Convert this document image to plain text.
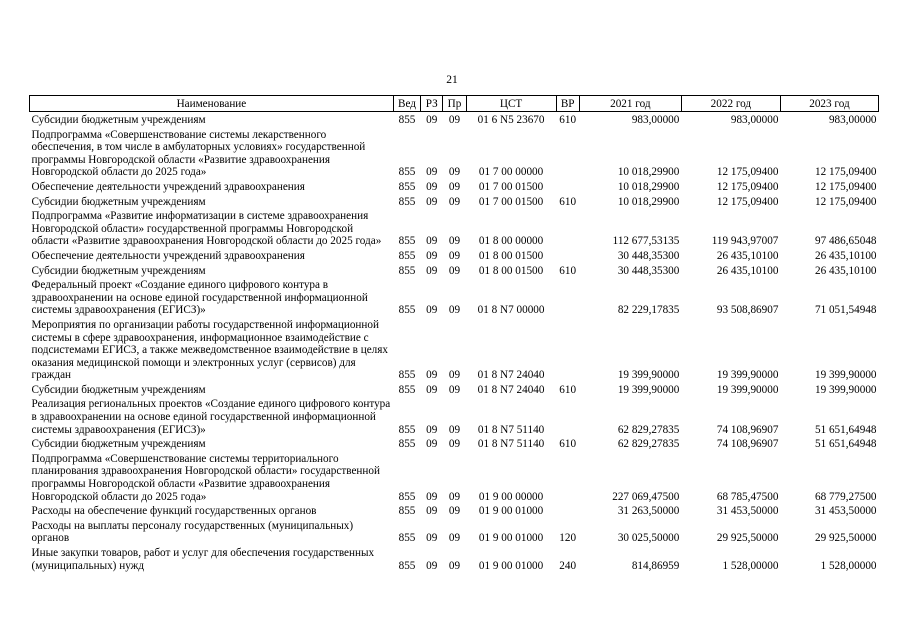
21
Наименование	Вед	РЗ	Пр	ЦСТ	ВР	2021 год	2022 год	2023 год
Субсидии бюджетным учреждениям	855	09	09	01 6 N5 23670	610	983,00000	983,00000	983,00000
Подпрограмма «Совершенствование системы лекарственного обеспечения, в том числе в амбулаторных условиях» государственной программы Новгородской области «Развитие здравоохранения Новгородской области до 2025 года»	855	09	09	01 7 00 00000		10 018,29900	12 175,09400	12 175,09400
Обеспечение деятельности учреждений здравоохранения	855	09	09	01 7 00 01500		10 018,29900	12 175,09400	12 175,09400
Субсидии бюджетным учреждениям	855	09	09	01 7 00 01500	610	10 018,29900	12 175,09400	12 175,09400
Подпрограмма «Развитие информатизации в системе здравоохранения Новгородской области» государственной программы Новгородской области «Развитие здравоохранения Новгородской области до 2025 года»	855	09	09	01 8 00 00000		112 677,53135	119 943,97007	97 486,65048
Обеспечение деятельности учреждений здравоохранения	855	09	09	01 8 00 01500		30 448,35300	26 435,10100	26 435,10100
Субсидии бюджетным учреждениям	855	09	09	01 8 00 01500	610	30 448,35300	26 435,10100	26 435,10100
Федеральный проект «Создание единого цифрового контура в здравоохранении на основе единой государственной информационной системы здравоохранения (ЕГИСЗ)»	855	09	09	01 8 N7 00000		82 229,17835	93 508,86907	71 051,54948
Мероприятия по организации работы государственной информационной системы в сфере здравоохранения, информационное взаимодействие с подсистемами ЕГИСЗ, а также межведомственное взаимодействие в целях оказания медицинской помощи и электронных услуг (сервисов) для граждан	855	09	09	01 8 N7 24040		19 399,90000	19 399,90000	19 399,90000
Субсидии бюджетным учреждениям	855	09	09	01 8 N7 24040	610	19 399,90000	19 399,90000	19 399,90000
Реализация региональных проектов «Создание единого цифрового контура в здравоохранении на основе единой государственной информационной системы здравоохранения (ЕГИСЗ)»	855	09	09	01 8 N7 51140		62 829,27835	74 108,96907	51 651,64948
Субсидии бюджетным учреждениям	855	09	09	01 8 N7 51140	610	62 829,27835	74 108,96907	51 651,64948
Подпрограмма «Совершенствование системы территориального планирования здравоохранения Новгородской области» государственной программы Новгородской области «Развитие здравоохранения Новгородской области до 2025 года»	855	09	09	01 9 00 00000		227 069,47500	68 785,47500	68 779,27500
Расходы на обеспечение функций государственных органов	855	09	09	01 9 00 01000		31 263,50000	31 453,50000	31 453,50000
Расходы на выплаты персоналу государственных (муниципальных) органов	855	09	09	01 9 00 01000	120	30 025,50000	29 925,50000	29 925,50000
Иные закупки товаров, работ и услуг для обеспечения государственных (муниципальных) нужд	855	09	09	01 9 00 01000	240	814,86959	1 528,00000	1 528,00000
